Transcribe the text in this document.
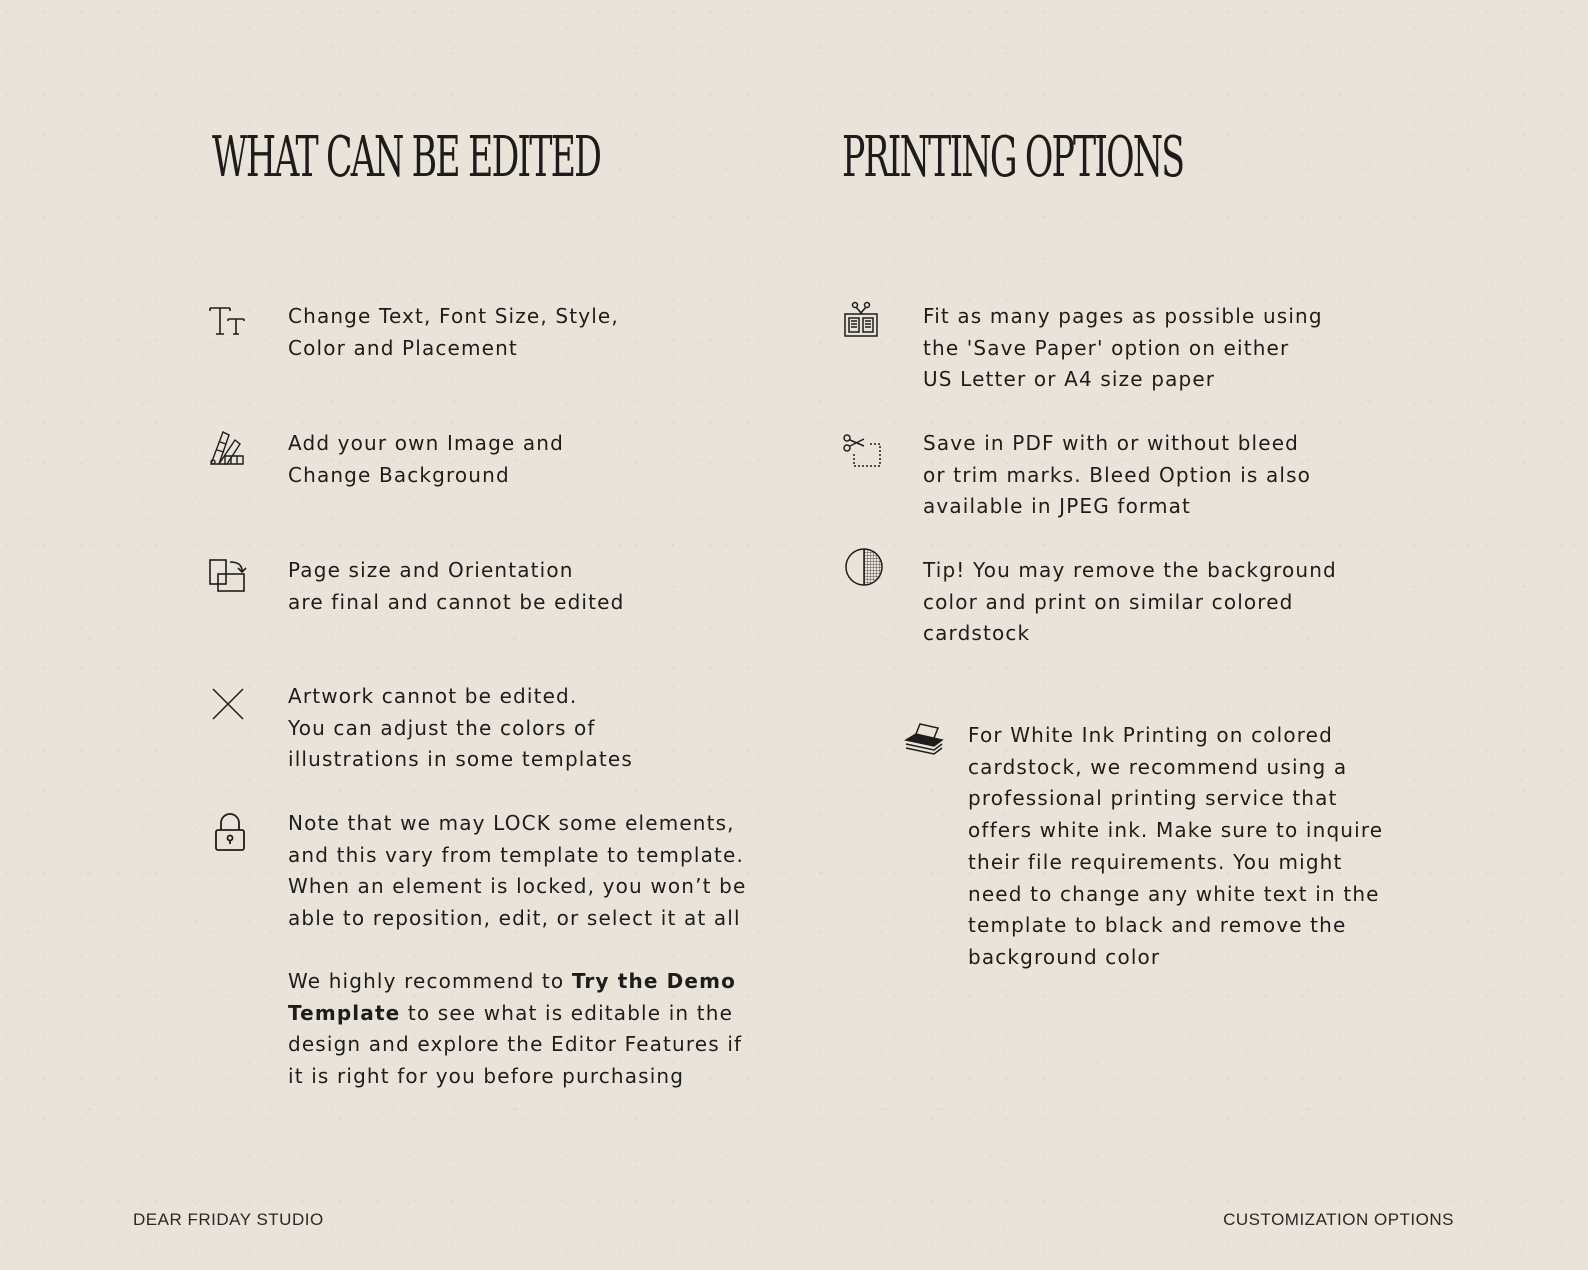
WHAT CAN BE EDITED	PRINTING OPTIONS
Change Text, Font Size, Style,
Color and Placement
Add your own Image and
Change Background
Page size and Orientation
are final and cannot be edited
Artwork cannot be edited.
You can adjust the colors of
illustrations in some templates
Note that we may LOCK some elements,
and this vary from template to template.
When an element is locked, you won’t be
able to reposition, edit, or select it at all
We highly recommend to Try the Demo
Template to see what is editable in the
design and explore the Editor Features if
it is right for you before purchasing
Fit as many pages as possible using
the 'Save Paper' option on either
US Letter or A4 size paper
Save in PDF with or without bleed
or trim marks. Bleed Option is also
available in JPEG format
Tip! You may remove the background
color and print on similar colored
cardstock
For White Ink Printing on colored
cardstock, we recommend using a
professional printing service that
offers white ink. Make sure to inquire
their file requirements. You might
need to change any white text in the
template to black and remove the
background color
DEAR FRIDAY STUDIO	CUSTOMIZATION OPTIONS
